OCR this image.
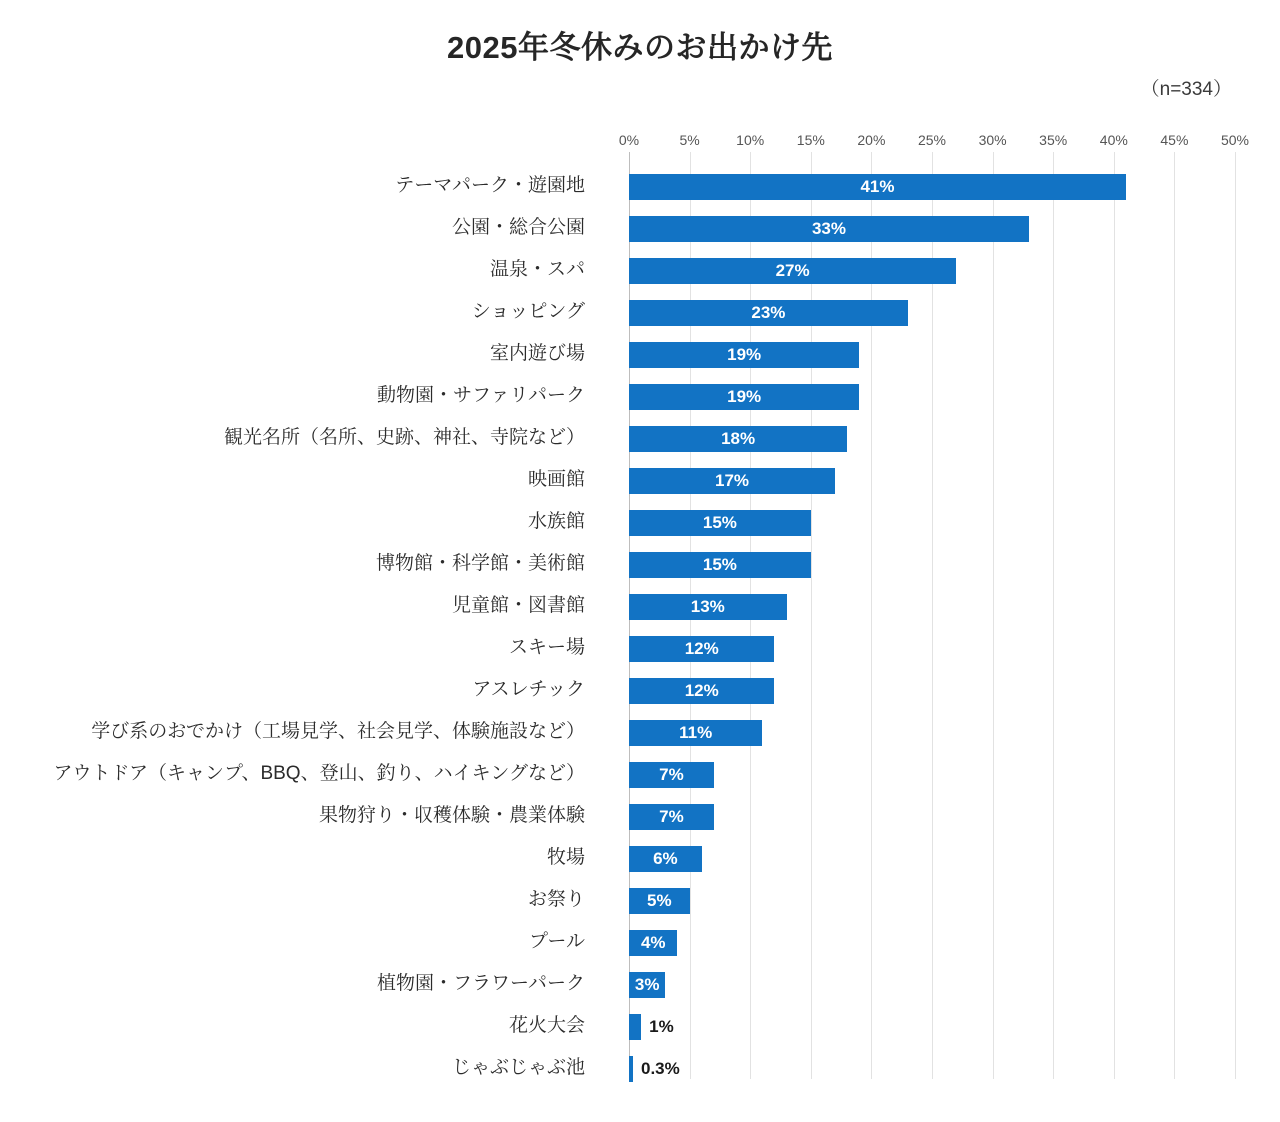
2025年冬休みのお出かけ先
（n=334）
0%	5%	10% 15% 20% 25% 30% 35% 40% 45% 50%
テーマパーク・遊園地	41%
公園・総合公園	33%
温泉・スパ	27%
ショッピング	23%
室内遊び場	19%
動物園・サファリパーク	19%
観光名所（名所、史跡、神社、寺院など）	18%
映画館	17%
水族館	15%
博物館・科学館・美術館	15%
児童館・図書館	13%
スキー場	12%
アスレチック	12%
学び系のおでかけ（工場見学、社会見学、体験施設など）	11%
アウトドア（キャンプ、BBQ、登山、釣り、ハイキングなど）	7%
果物狩り・収穫体験・農業体験	7%
牧場	6%
お祭り	5%
プール	4%
植物園・フラワーパーク	3%
花火大会	1%
じゃぶじゃぶ池	0.3%
